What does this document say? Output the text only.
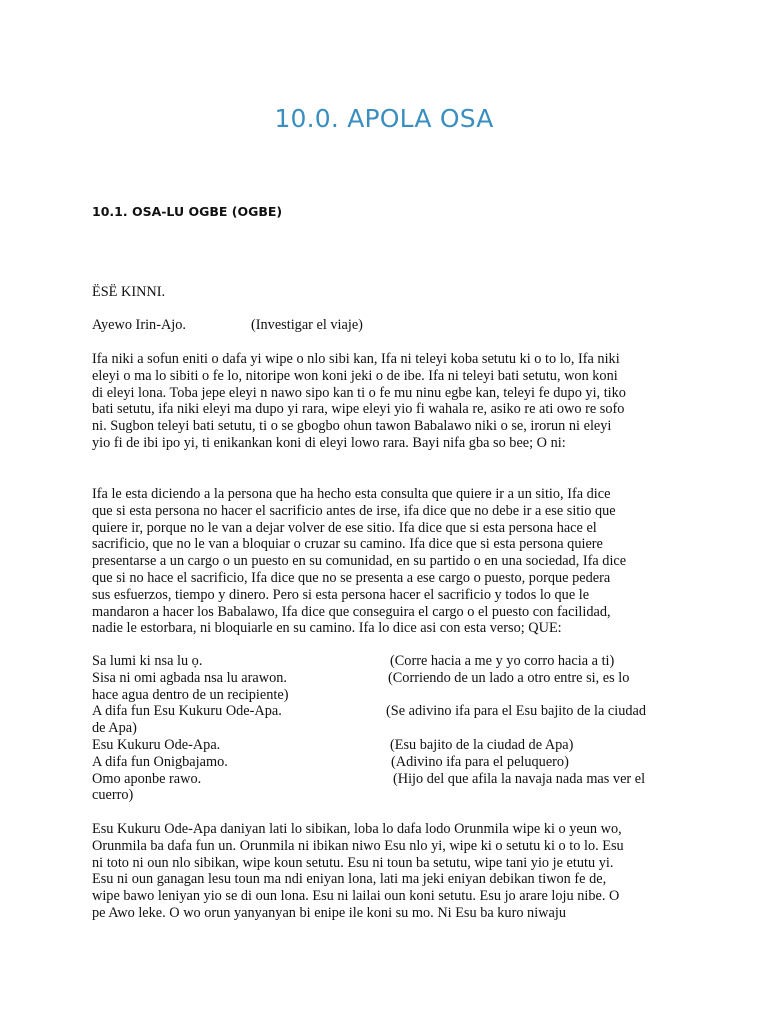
10.0. APOLA OSA
10.1. OSA-LU OGBE (OGBE)
ËSË KINNI.
Ayewo Irin-Ajo.	(Investigar el viaje)

Ifa niki a sofun eniti o dafa yi wipe o nlo sibi kan, Ifa ni teleyi koba setutu ki o to lo, Ifa niki

eleyi o ma lo sibiti o fe lo, nitoripe won koni jeki o de ibe. Ifa ni teleyi bati setutu, won koni

di eleyi lona. Toba jepe eleyi n nawo sipo kan ti o fe mu ninu egbe kan, teleyi fe dupo yi, tiko

bati setutu, ifa niki eleyi ma dupo yi rara, wipe eleyi yio fi wahala re, asiko re ati owo re sofo

ni. Sugbon teleyi bati setutu, ti o se gbogbo ohun tawon Babalawo niki o se, irorun ni eleyi

yio fi de ibi ipo yi, ti enikankan koni di eleyi lowo rara. Bayi nifa gba so bee; O ni:

Ifa le esta diciendo a la persona que ha hecho esta consulta que quiere ir a un sitio, Ifa dice

que si esta persona no hacer el sacrificio antes de irse, ifa dice que no debe ir a ese sitio que

quiere ir, porque no le van a dejar volver de ese sitio. Ifa dice que si esta persona hace el

sacrificio, que no le van a bloquiar o cruzar su camino. Ifa dice que si esta persona quiere

presentarse a un cargo o un puesto en su comunidad, en su partido o en una sociedad, Ifa dice

que si no hace el sacrificio, Ifa dice que no se presenta a ese cargo o puesto, porque pedera

sus esfuerzos, tiempo y dinero. Pero si esta persona hacer el sacrificio y todos lo que le

mandaron a hacer los Babalawo, Ifa dice que conseguira el cargo o el puesto con facilidad,

nadie le estorbara, ni bloquiarle en su camino. Ifa lo dice asi con esta verso; QUE:

Sa lumi ki nsa lu ọ.	(Corre hacia a me y yo corro hacia a ti)
Sisa ni omi agbada nsa lu arawon.	(Corriendo de un lado a otro entre si, es lo
hace agua dentro de un recipiente)
A difa fun Esu Kukuru Ode-Apa.	(Se adivino ifa para el Esu bajito de la ciudad
de Apa)
Esu Kukuru Ode-Apa.	(Esu bajito de la ciudad de Apa)
A difa fun Onigbajamo.	(Adivino ifa para el peluquero)
Omo aponbe rawo.	(Hijo del que afila la navaja nada mas ver el
cuerro)

Esu Kukuru Ode-Apa daniyan lati lo sibikan, loba lo dafa lodo Orunmila wipe ki o yeun wo,

Orunmila ba dafa fun un. Orunmila ni ibikan niwo Esu nlo yi, wipe ki o setutu ki o to lo. Esu

ni toto ni oun nlo sibikan, wipe koun setutu. Esu ni toun ba setutu, wipe tani yio je etutu yi.

Esu ni oun ganagan lesu toun ma ndi eniyan lona, lati ma jeki eniyan debikan tiwon fe de,

wipe bawo leniyan yio se di oun lona. Esu ni lailai oun koni setutu. Esu jo arare loju nibe. O

pe Awo leke. O wo orun yanyanyan bi enipe ile koni su mo. Ni Esu ba kuro niwaju
